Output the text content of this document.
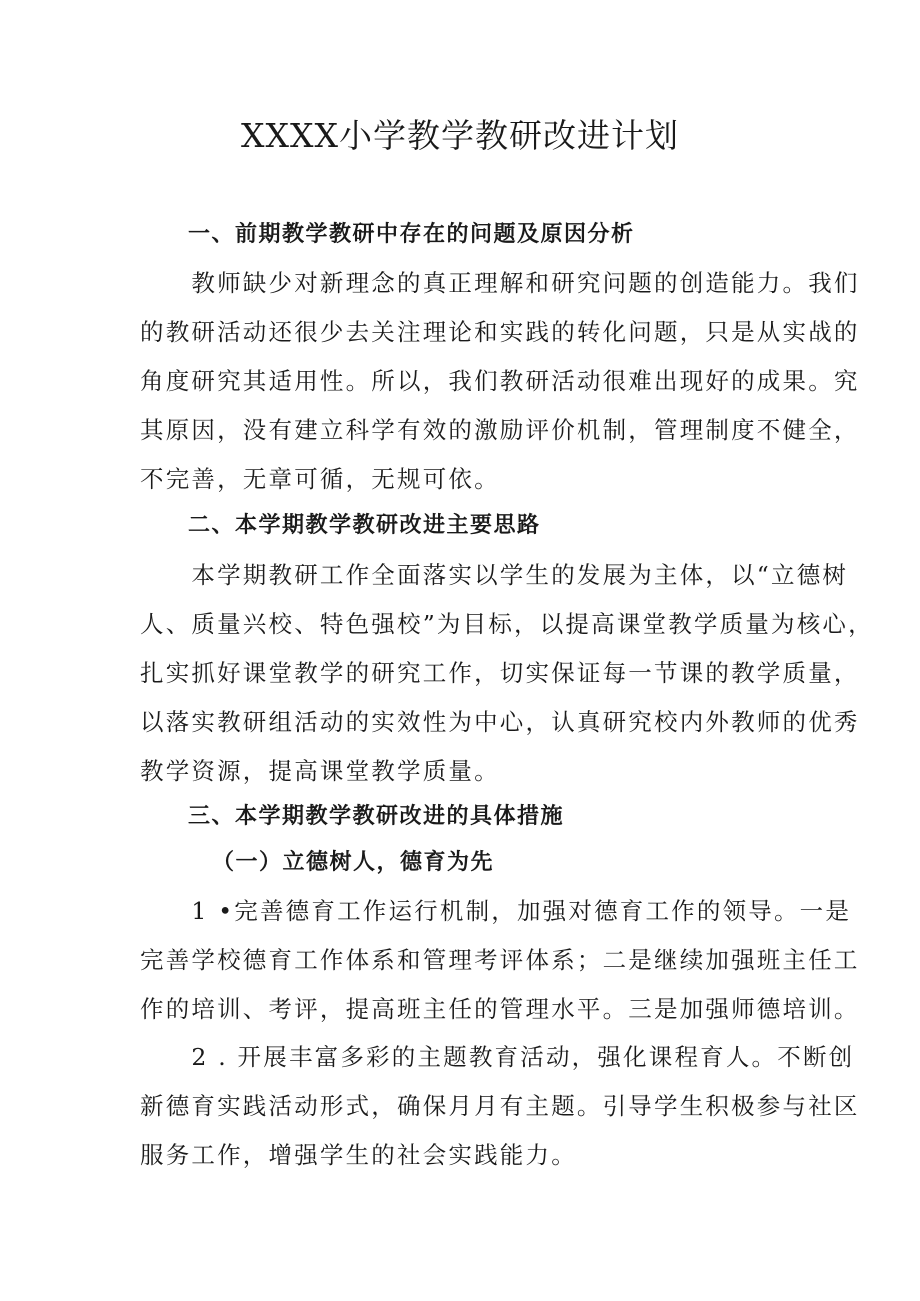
XXXX小学教学教研改进计划
一、前期教学教研中存在的问题及原因分析

　　教师缺少对新理念的真正理解和研究问题的创造能力。我们
的教研活动还很少去关注理论和实践的转化问题，只是从实战的
角度研究其适用性。所以，我们教研活动很难出现好的成果。究
其原因，没有建立科学有效的激励评价机制，管理制度不健全，
不完善，无章可循，无规可依。

二、本学期教学教研改进主要思路

　　本学期教研工作全面落实以学生的发展为主体，以“立德树
人、质量兴校、特色强校”为目标，以提高课堂教学质量为核心，
扎实抓好课堂教学的研究工作，切实保证每一节课的教学质量，
以落实教研组活动的实效性为中心，认真研究校内外教师的优秀
教学资源，提高课堂教学质量。

三、本学期教学教研改进的具体措施
（一）立德树人，德育为先

　　1 •完善德育工作运行机制，加强对德育工作的领导。一是
完善学校德育工作体系和管理考评体系；二是继续加强班主任工
作的培训、考评，提高班主任的管理水平。三是加强师德培训。

　　2 . 开展丰富多彩的主题教育活动，强化课程育人。不断创
新德育实践活动形式，确保月月有主题。引导学生积极参与社区
服务工作，增强学生的社会实践能力。
